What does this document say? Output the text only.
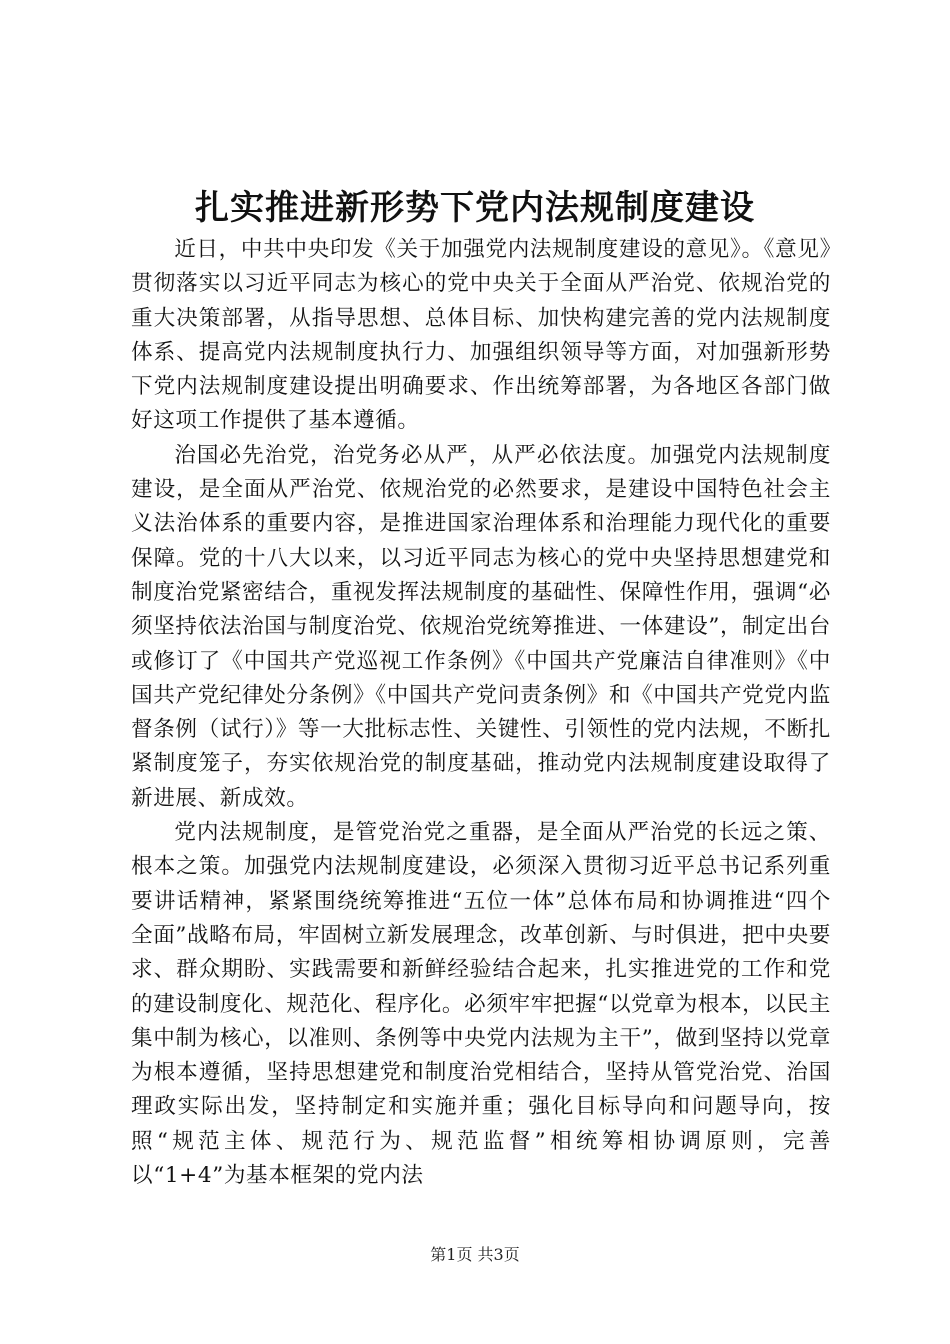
扎实推进新形势下党内法规制度建设

近日，中共中央印发《关于加强党内法规制度建设的意见》。《意见》贯彻落实以习近平同志为核心的党中央关于全面从严治党、依规治党的重大决策部署，从指导思想、总体目标、加快构建完善的党内法规制度体系、提高党内法规制度执行力、加强组织领导等方面，对加强新形势下党内法规制度建设提出明确要求、作出统筹部署，为各地区各部门做好这项工作提供了基本遵循。

治国必先治党，治党务必从严，从严必依法度。加强党内法规制度建设，是全面从严治党、依规治党的必然要求，是建设中国特色社会主义法治体系的重要内容，是推进国家治理体系和治理能力现代化的重要保障。党的十八大以来，以习近平同志为核心的党中央坚持思想建党和制度治党紧密结合，重视发挥法规制度的基础性、保障性作用，强调“必须坚持依法治国与制度治党、依规治党统筹推进、一体建设”，制定出台或修订了《中国共产党巡视工作条例》《中国共产党廉洁自律准则》《中国共产党纪律处分条例》《中国共产党问责条例》和《中国共产党党内监督条例（试行）》等一大批标志性、关键性、引领性的党内法规，不断扎紧制度笼子，夯实依规治党的制度基础，推动党内法规制度建设取得了新进展、新成效。

党内法规制度，是管党治党之重器，是全面从严治党的长远之策、根本之策。加强党内法规制度建设，必须深入贯彻习近平总书记系列重要讲话精神，紧紧围绕统筹推进“五位一体”总体布局和协调推进“四个全面”战略布局，牢固树立新发展理念，改革创新、与时俱进，把中央要求、群众期盼、实践需要和新鲜经验结合起来，扎实推进党的工作和党的建设制度化、规范化、程序化。必须牢牢把握“以党章为根本，以民主集中制为核心，以准则、条例等中央党内法规为主干”，做到坚持以党章为根本遵循，坚持思想建党和制度治党相结合，坚持从管党治党、治国理政实际出发，坚持制定和实施并重；强化目标导向和问题导向，按照“规范主体、规范行为、规范监督”相统筹相协调原则，完善以“1+4”为基本框架的党内法

第1页 共3页
